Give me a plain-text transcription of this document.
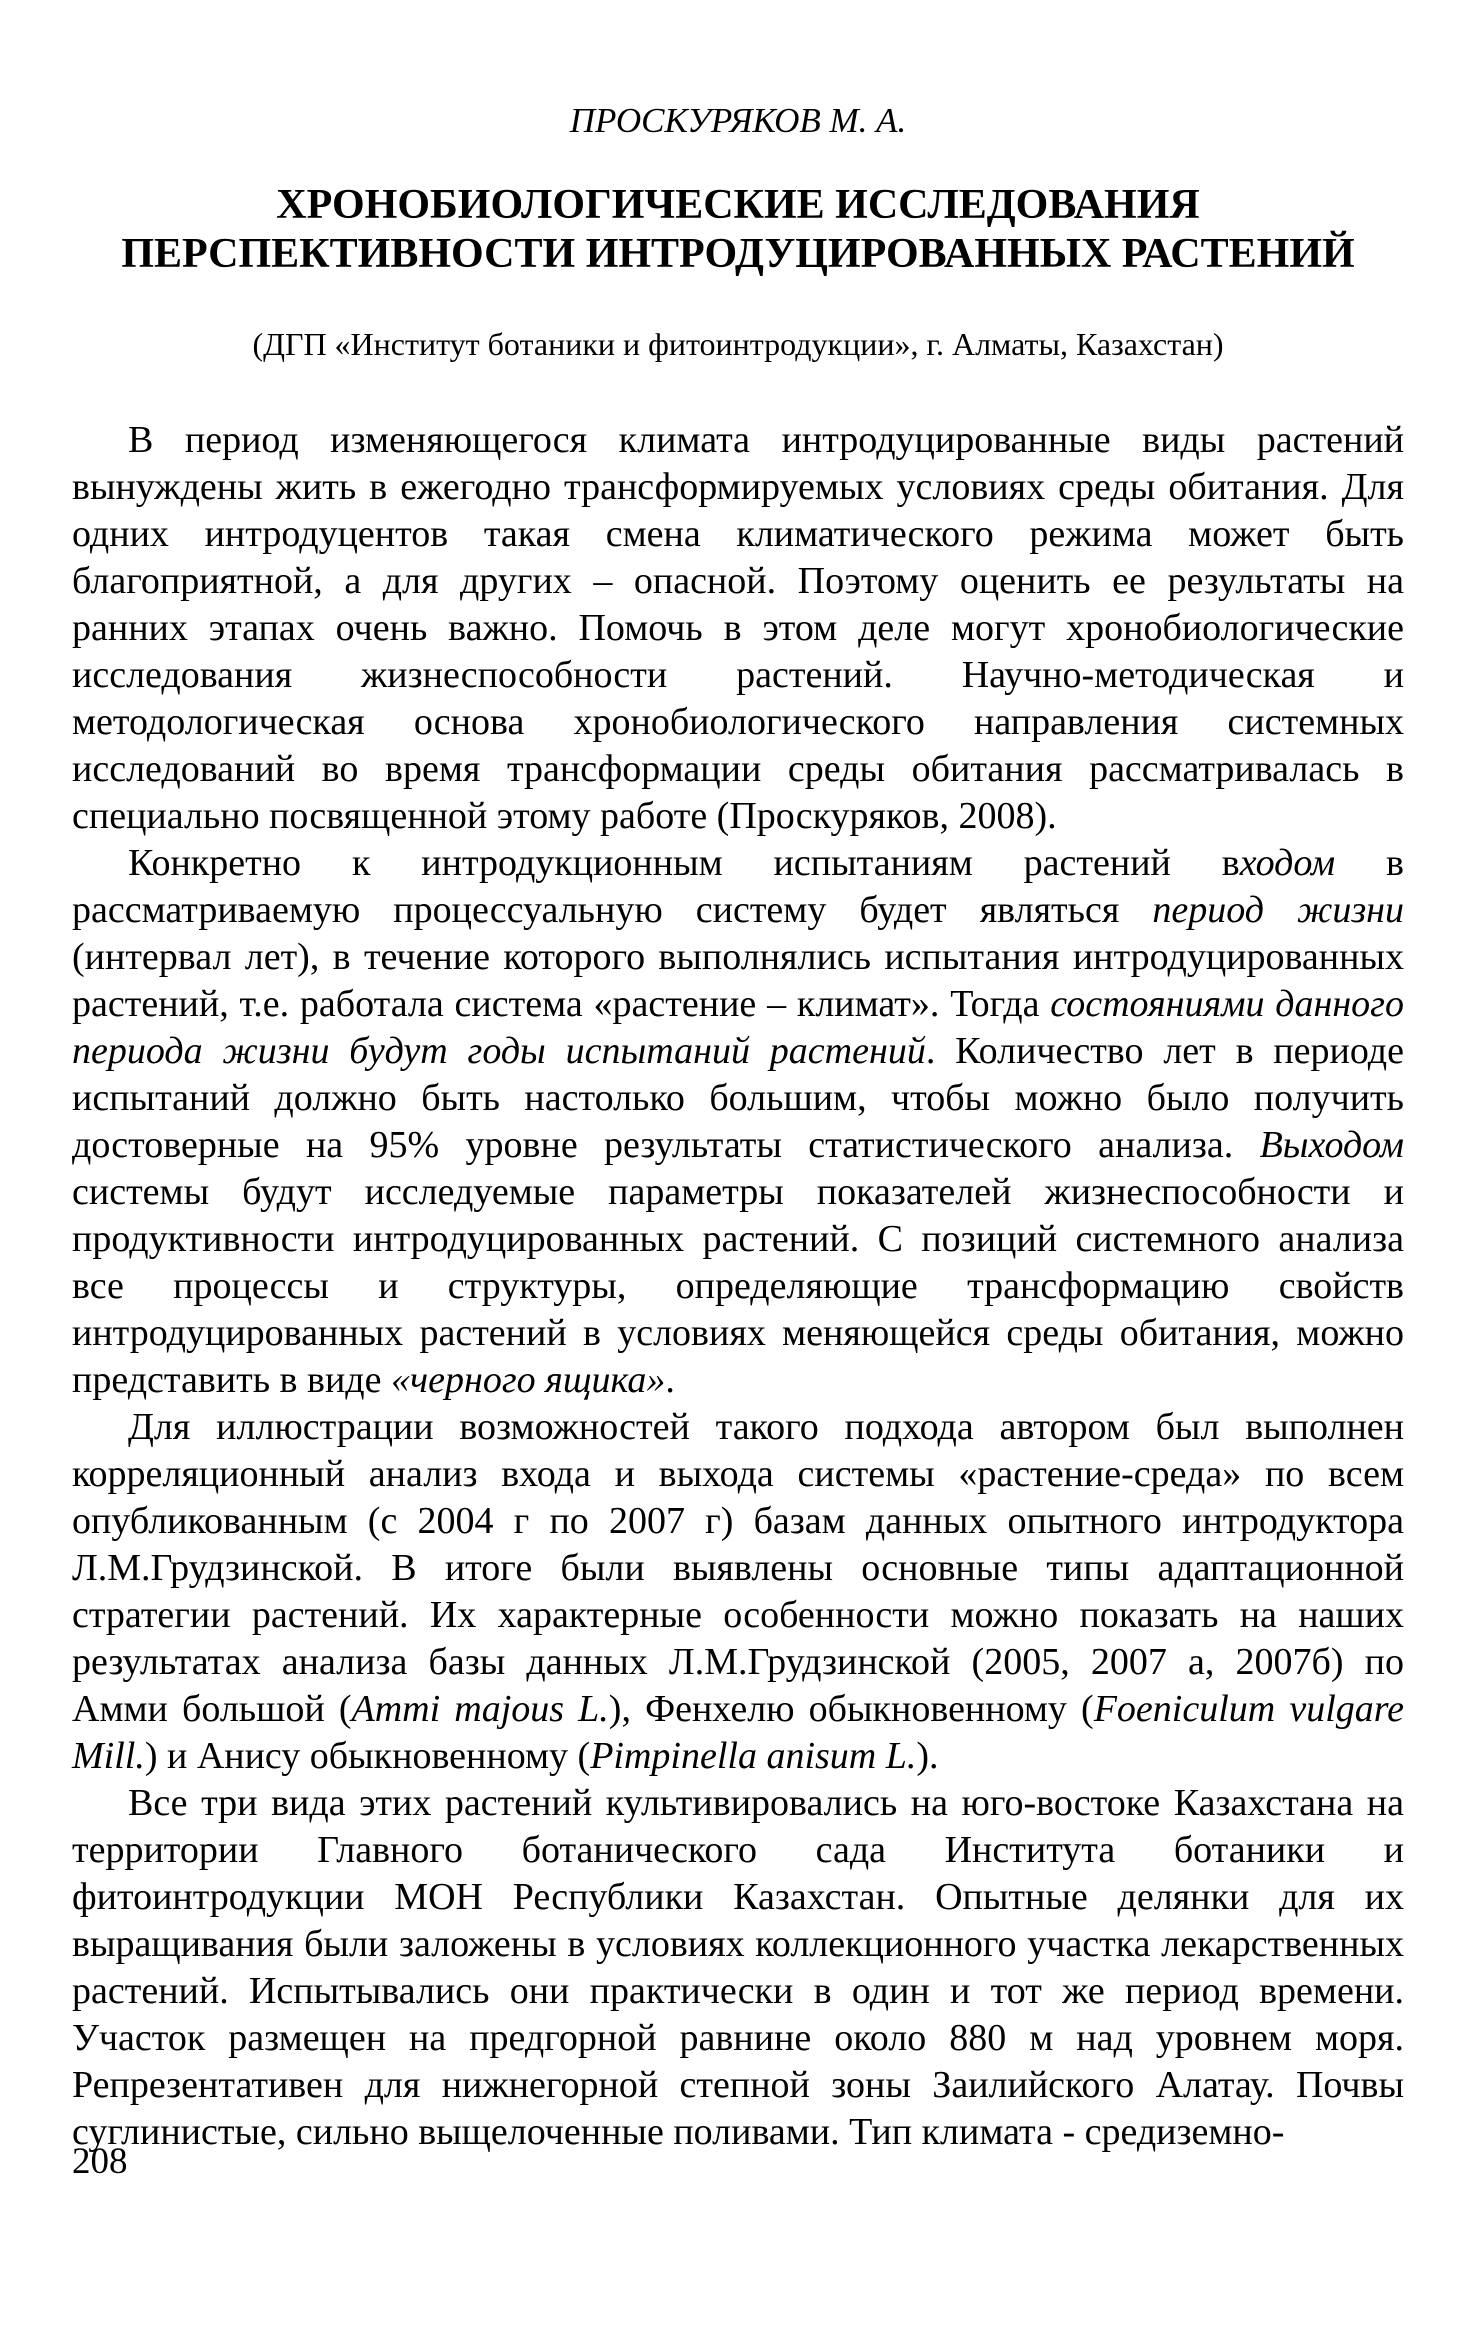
ПРОСКУРЯКОВ М. А.
ХРОНОБИОЛОГИЧЕСКИЕ ИССЛЕДОВАНИЯ
ПЕРСПЕКТИВНОСТИ ИНТРОДУЦИРОВАННЫХ РАСТЕНИЙ
(ДГП «Институт ботаники и фитоинтродукции», г. Алматы, Казахстан)

В период изменяющегося климата интродуцированные виды растений вынуждены жить в ежегодно трансформируемых условиях среды обитания. Для одних интродуцентов такая смена климатического режима может быть благоприятной, а для других – опасной. Поэтому оценить ее результаты на ранних этапах очень важно. Помочь в этом деле могут хронобиологические исследования жизнеспособности растений. Научно-методическая и методологическая основа хронобиологического направления системных исследований во время трансформации среды обитания рассматривалась в специально посвященной этому работе (Проскуряков, 2008).

Конкретно к интродукционным испытаниям растений входом в рассматриваемую процессуальную систему будет являться период жизни (интервал лет), в течение которого выполнялись испытания интродуцированных растений, т.е. работала система «растение – климат». Тогда состояниями данного периода жизни будут годы испытаний растений. Количество лет в периоде испытаний должно быть настолько большим, чтобы можно было получить достоверные на 95% уровне результаты статистического анализа. Выходом системы будут исследуемые параметры показателей жизнеспособности и продуктивности интродуцированных растений. С позиций системного анализа все процессы и структуры, определяющие трансформацию свойств интродуцированных растений в условиях меняющейся среды обитания, можно представить в виде «черного ящика».

Для иллюстрации возможностей такого подхода автором был выполнен корреляционный анализ входа и выхода системы «растение-среда» по всем опубликованным (с 2004 г по 2007 г) базам данных опытного интродуктора Л.М.Грудзинской. В итоге были выявлены основные типы адаптационной стратегии растений. Их характерные особенности можно показать на наших результатах анализа базы данных Л.М.Грудзинской (2005, 2007 а, 2007б) по Амми большой (Ammi majous L.), Фенхелю обыкновенному (Foeniculum vulgare Mill.) и Анису обыкновенному (Pimpinella anisum L.).

Все три вида этих растений культивировались на юго-востоке Казахстана на территории Главного ботанического сада Института ботаники и фитоинтродукции МОН Республики Казахстан. Опытные делянки для их выращивания были заложены в условиях коллекционного участка лекарственных растений. Испытывались они практически в один и тот же период времени. Участок размещен на предгорной равнине около 880 м над уровнем моря. Репрезентативен для нижнегорной степной зоны Заилийского Алатау. Почвы суглинистые, сильно выщелоченные поливами. Тип климата - средиземно-

208
